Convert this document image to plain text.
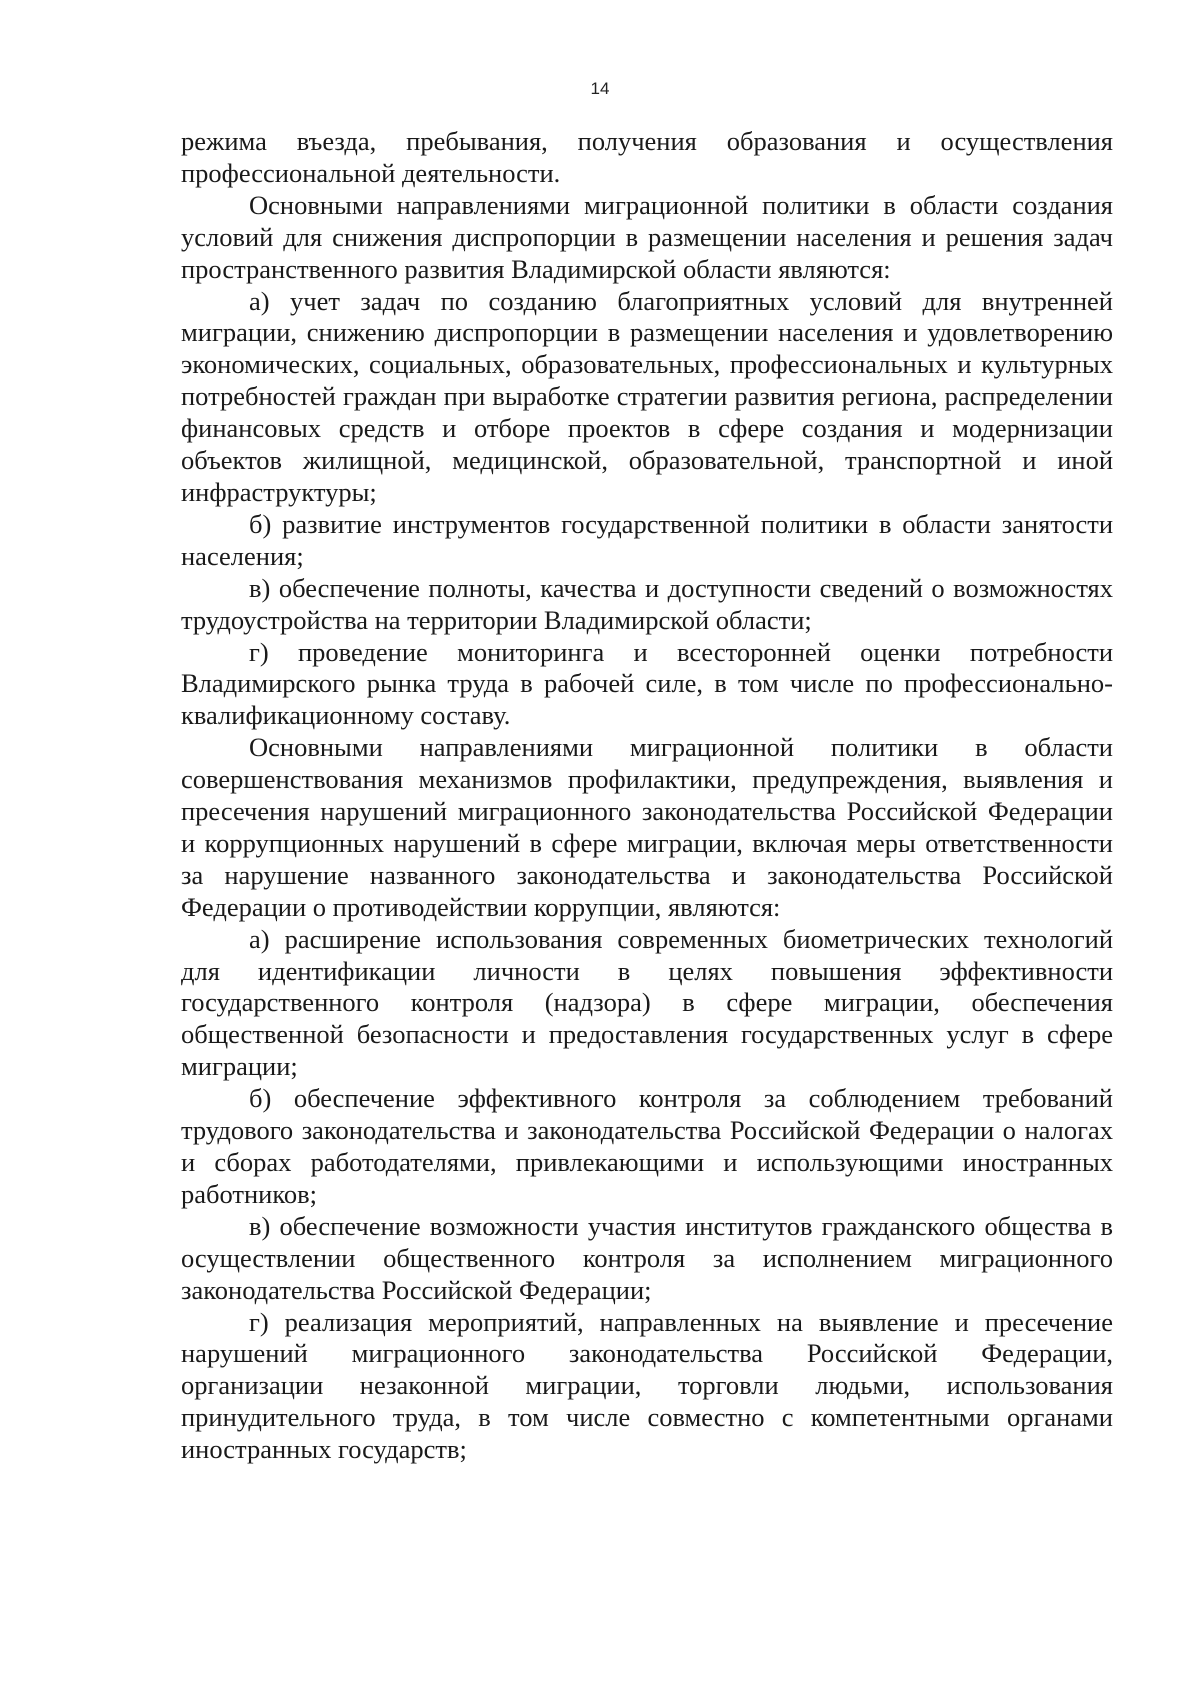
14

режима въезда, пребывания, получения образования и осуществления профессиональной деятельности.

Основными направлениями миграционной политики в области создания условий для снижения диспропорции в размещении населения и решения задач пространственного развития Владимирской области являются:

а) учет задач по созданию благоприятных условий для внутренней миграции, снижению диспропорции в размещении населения и удовлетворению экономических, социальных, образовательных, профессиональных и культурных потребностей граждан при выработке стратегии развития региона, распределении финансовых средств и отборе проектов в сфере создания и модернизации объектов жилищной, медицинской, образовательной, транспортной и иной инфраструктуры;

б) развитие инструментов государственной политики в области занятости населения;

в) обеспечение полноты, качества и доступности сведений о возможностях трудоустройства на территории Владимирской области;

г) проведение мониторинга и всесторонней оценки потребности Владимирского рынка труда в рабочей силе, в том числе по профессионально-квалификационному составу.

Основными направлениями миграционной политики в области совершенствования механизмов профилактики, предупреждения, выявления и пресечения нарушений миграционного законодательства Российской Федерации и коррупционных нарушений в сфере миграции, включая меры ответственности за нарушение названного законодательства и законодательства Российской Федерации о противодействии коррупции, являются:

а) расширение использования современных биометрических технологий для идентификации личности в целях повышения эффективности государственного контроля (надзора) в сфере миграции, обеспечения общественной безопасности и предоставления государственных услуг в сфере миграции;

б) обеспечение эффективного контроля за соблюдением требований трудового законодательства и законодательства Российской Федерации о налогах и сборах работодателями, привлекающими и использующими иностранных работников;

в) обеспечение возможности участия институтов гражданского общества в осуществлении общественного контроля за исполнением миграционного законодательства Российской Федерации;

г) реализация мероприятий, направленных на выявление и пресечение нарушений миграционного законодательства Российской Федерации, организации незаконной миграции, торговли людьми, использования принудительного труда, в том числе совместно с компетентными органами иностранных государств;
